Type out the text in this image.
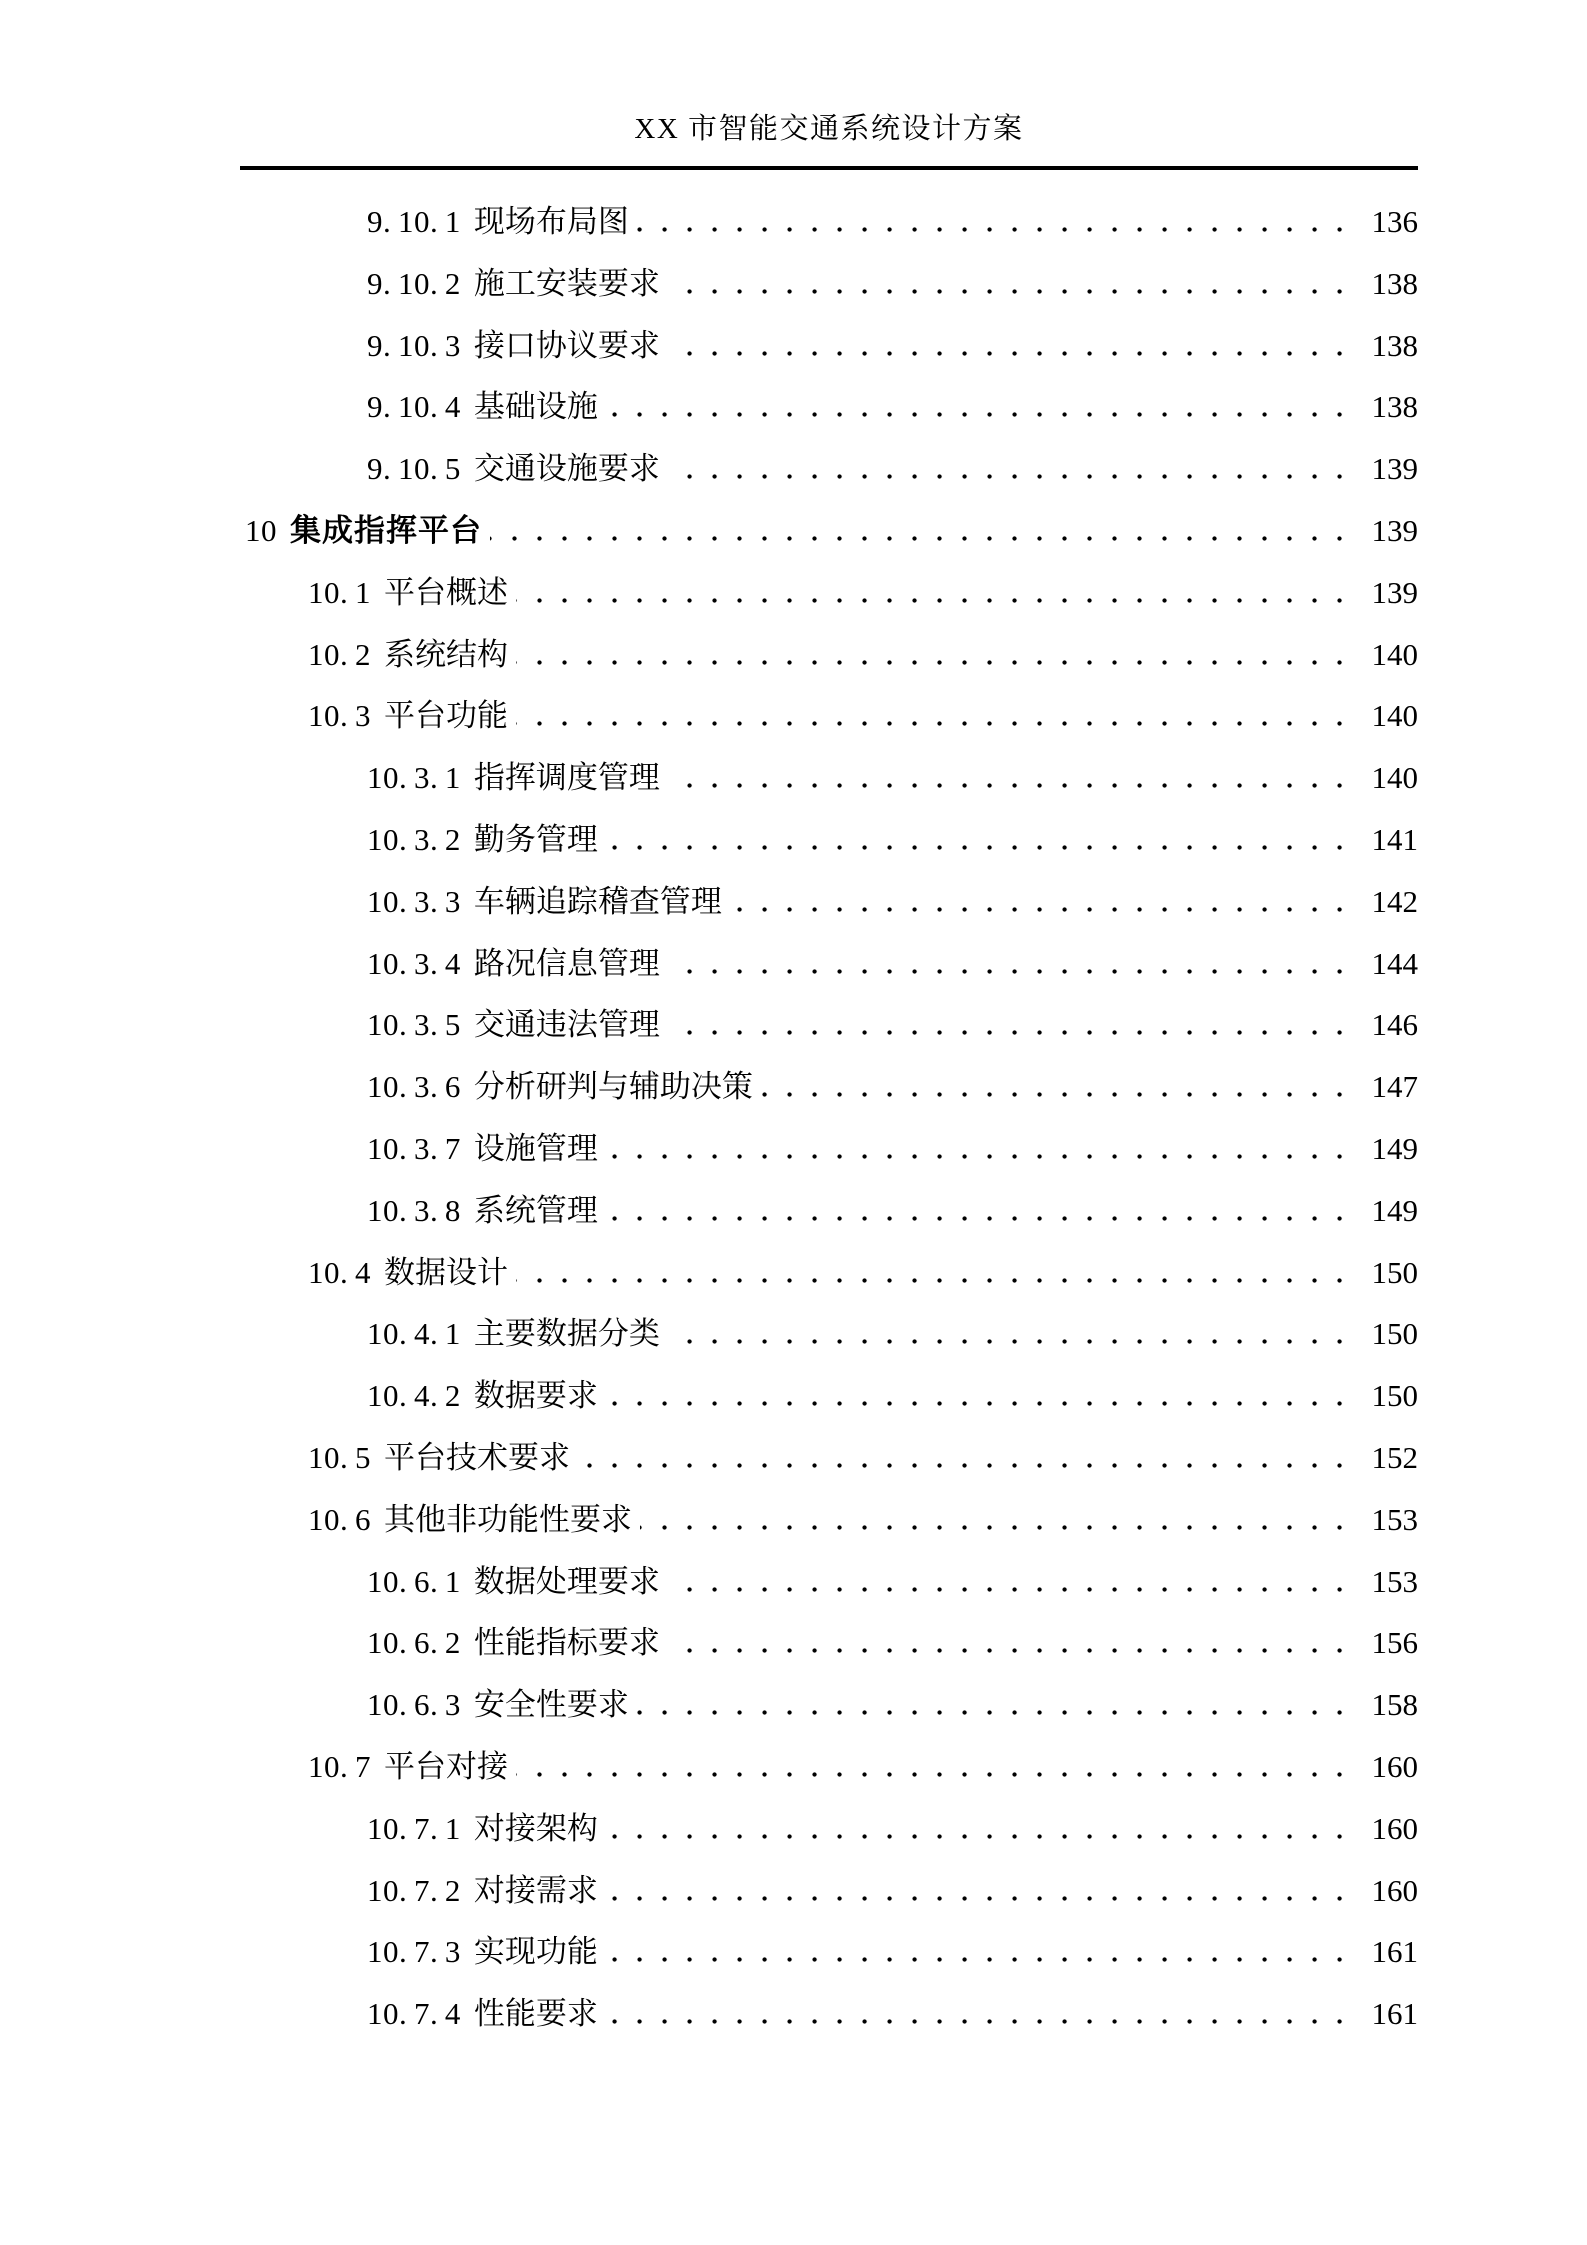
XX 市智能交通系统设计方案
9. 10. 1 现场布局图	136
9. 10. 2 施工安装要求	138
9. 10. 3 接口协议要求	138
9. 10. 4 基础设施	138
9. 10. 5 交通设施要求	139
10 集成指挥平台	139
10. 1 平台概述	139
10. 2 系统结构	140
10. 3 平台功能	140
10. 3. 1 指挥调度管理	140
10. 3. 2 勤务管理	141
10. 3. 3 车辆追踪稽查管理	142
10. 3. 4 路况信息管理	144
10. 3. 5 交通违法管理	146
10. 3. 6 分析研判与辅助决策	147
10. 3. 7 设施管理	149
10. 3. 8 系统管理	149
10. 4 数据设计	150
10. 4. 1 主要数据分类	150
10. 4. 2 数据要求	150
10. 5 平台技术要求	152
10. 6 其他非功能性要求	153
10. 6. 1 数据处理要求	153
10. 6. 2 性能指标要求	156
10. 6. 3 安全性要求	158
10. 7 平台对接	160
10. 7. 1 对接架构	160
10. 7. 2 对接需求	160
10. 7. 3 实现功能	161
10. 7. 4 性能要求	161
